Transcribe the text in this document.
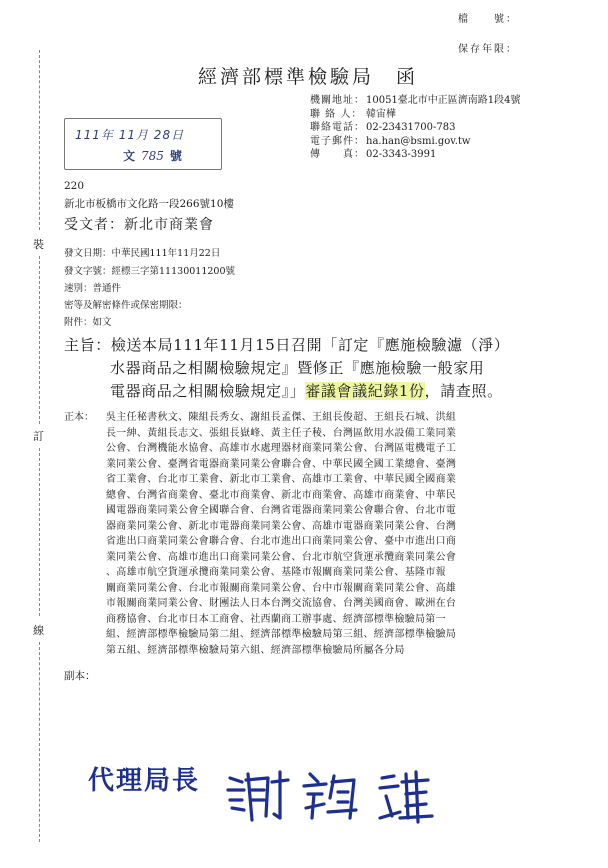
檔　　號：
保存年限：
裝
訂
線
經濟部標準檢驗局 函
111年 11月 28日
文 785 號
機關地址：10051臺北市中正區濟南路1段4號
聯 絡 人： 韓宙樺
聯絡電話：02-23431700-783
電子郵件：ha.han@bsmi.gov.tw
傳　　真：02-3343-3991
220
新北市板橋市文化路一段266號10樓
受文者：新北市商業會
發文日期：中華民國111年11月22日
發文字號：經標三字第11130011200號
速別：普通件
密等及解密條件或保密期限：
附件：如文
主旨：檢送本局111年11月15日召開「訂定『應施檢驗濾（淨）
水器商品之相關檢驗規定』暨修正『應施檢驗一般家用
電器商品之相關檢驗規定』」審議會議紀錄1份，請查照。
正本：	吳主任秘書秋文、陳組長秀女、謝組長孟傑、王組長俊超、王組長石城、洪組
長一紳、黃組長志文、張組長嶽峰、黃主任子稜、台灣區飲用水設備工業同業
公會、台灣機能水協會、高雄市水處理器材商業同業公會、台灣區電機電子工
業同業公會、臺灣省電器商業同業公會聯合會、中華民國全國工業總會、臺灣
省工業會、台北市工業會、新北市工業會、高雄市工業會、中華民國全國商業
總會、台灣省商業會、臺北市商業會、新北市商業會、高雄市商業會、中華民
國電器商業同業公會全國聯合會、台灣省電器商業同業公會聯合會、台北市電
器商業同業公會、新北市電器商業同業公會、高雄市電器商業同業公會、台灣
省進出口商業同業公會聯合會、台北市進出口商業同業公會、臺中市進出口商
業同業公會、高雄市進出口商業同業公會、台北市航空貨運承攬商業同業公會
、高雄市航空貨運承攬商業同業公會、基隆市報關商業同業公會、基隆市報
關商業同業公會、台北市報關商業同業公會、台中市報關商業同業公會、高雄
市報關商業同業公會、財團法人日本台灣交流協會、台灣美國商會、歐洲在台
商務協會、台北市日本工商會、社西蘭商工辦事處、經濟部標準檢驗局第一
組、經濟部標準檢驗局第二組、經濟部標準檢驗局第三組、經濟部標準檢驗局
第五組、經濟部標準檢驗局第六組、經濟部標準檢驗局所屬各分局
副本：
代理局長
